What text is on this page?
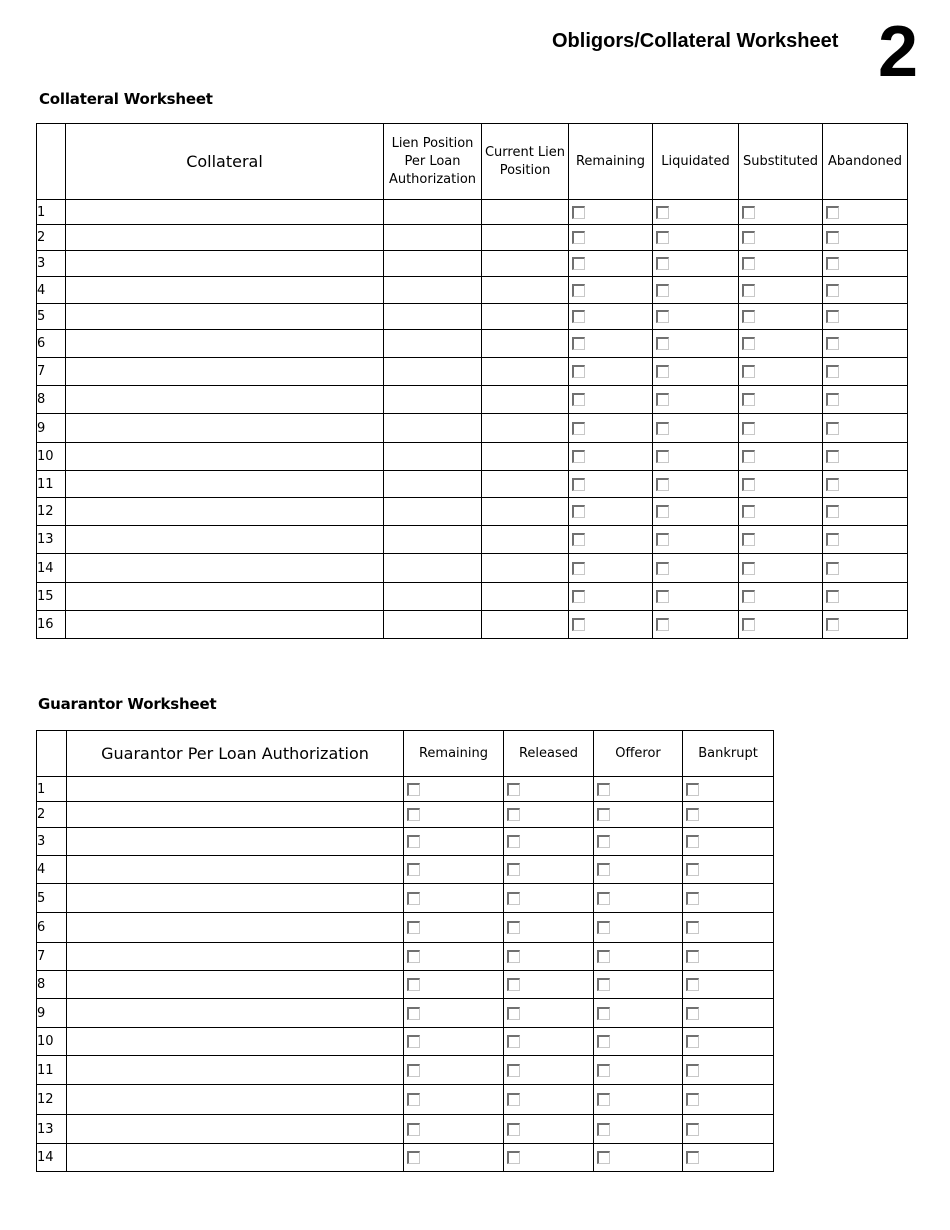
Obligors/Collateral Worksheet 2
Collateral Worksheet
	Collateral	Lien Position Per Loan Authorization	Current Lien Position	Remaining	Liquidated	Substituted	Abandoned
1				

2				

3				

4				

5				

6				

7				

8				

9				

10				

11				

12				

13				

14				

15				

16				

Guarantor Worksheet
	Guarantor Per Loan Authorization	Remaining	Released	Offeror	Bankrupt
1		

2		

3		

4		

5		

6		

7		

8		

9		

10		

11		

12		

13		

14		
